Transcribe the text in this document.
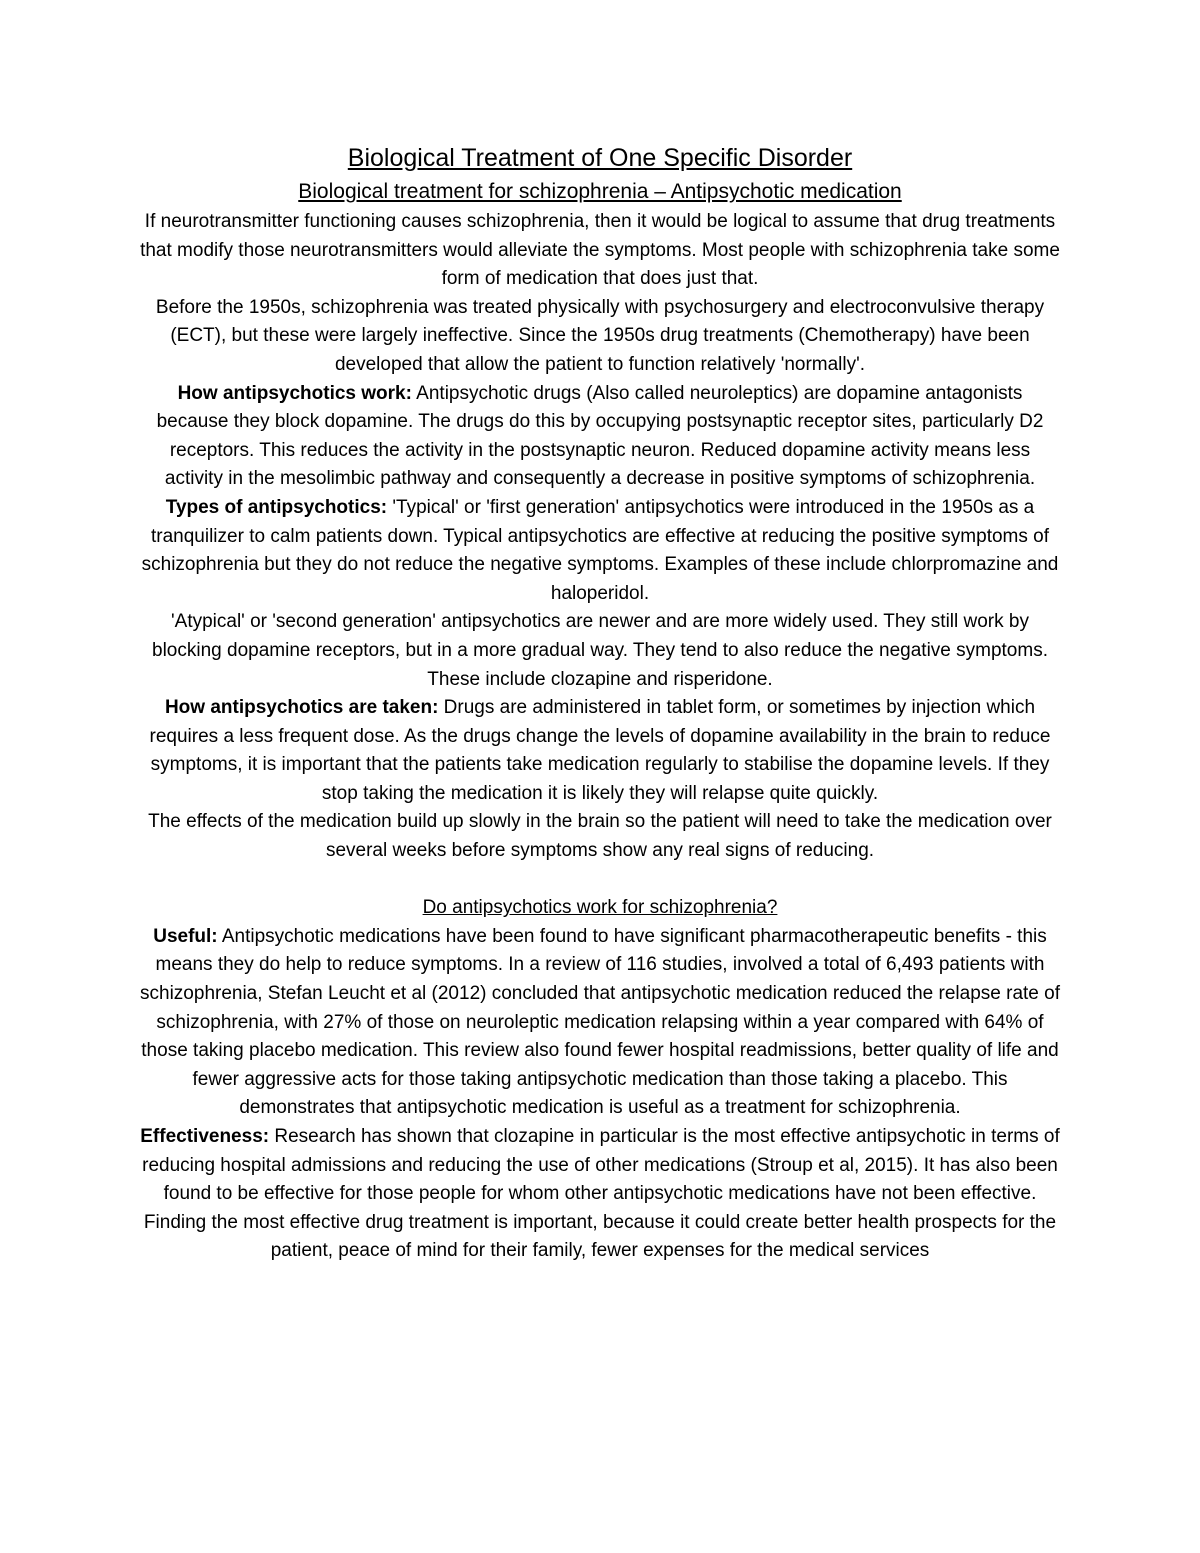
Biological Treatment of One Specific Disorder
Biological treatment for schizophrenia – Antipsychotic medication

If neurotransmitter functioning causes schizophrenia, then it would be logical to assume that drug treatments that modify those neurotransmitters would alleviate the symptoms. Most people with schizophrenia take some form of medication that does just that.

Before the 1950s, schizophrenia was treated physically with psychosurgery and electroconvulsive therapy (ECT), but these were largely ineffective. Since the 1950s drug treatments (Chemotherapy) have been developed that allow the patient to function relatively 'normally'.

How antipsychotics work: Antipsychotic drugs (Also called neuroleptics) are dopamine antagonists because they block dopamine. The drugs do this by occupying postsynaptic receptor sites, particularly D2 receptors. This reduces the activity in the postsynaptic neuron. Reduced dopamine activity means less activity in the mesolimbic pathway and consequently a decrease in positive symptoms of schizophrenia.

Types of antipsychotics: 'Typical' or 'first generation' antipsychotics were introduced in the 1950s as a tranquilizer to calm patients down. Typical antipsychotics are effective at reducing the positive symptoms of schizophrenia but they do not reduce the negative symptoms. Examples of these include chlorpromazine and haloperidol.

'Atypical' or 'second generation' antipsychotics are newer and are more widely used. They still work by blocking dopamine receptors, but in a more gradual way. They tend to also reduce the negative symptoms. These include clozapine and risperidone.

How antipsychotics are taken: Drugs are administered in tablet form, or sometimes by injection which requires a less frequent dose. As the drugs change the levels of dopamine availability in the brain to reduce symptoms, it is important that the patients take medication regularly to stabilise the dopamine levels. If they stop taking the medication it is likely they will relapse quite quickly.

The effects of the medication build up slowly in the brain so the patient will need to take the medication over several weeks before symptoms show any real signs of reducing.

Do antipsychotics work for schizophrenia?

Useful: Antipsychotic medications have been found to have significant pharmacotherapeutic benefits - this means they do help to reduce symptoms. In a review of 116 studies, involved a total of 6,493 patients with schizophrenia, Stefan Leucht et al (2012) concluded that antipsychotic medication reduced the relapse rate of schizophrenia, with 27% of those on neuroleptic medication relapsing within a year compared with 64% of those taking placebo medication. This review also found fewer hospital readmissions, better quality of life and fewer aggressive acts for those taking antipsychotic medication than those taking a placebo. This demonstrates that antipsychotic medication is useful as a treatment for schizophrenia.

Effectiveness: Research has shown that clozapine in particular is the most effective antipsychotic in terms of reducing hospital admissions and reducing the use of other medications (Stroup et al, 2015). It has also been found to be effective for those people for whom other antipsychotic medications have not been effective.

Finding the most effective drug treatment is important, because it could create better health prospects for the patient, peace of mind for their family, fewer expenses for the medical services
